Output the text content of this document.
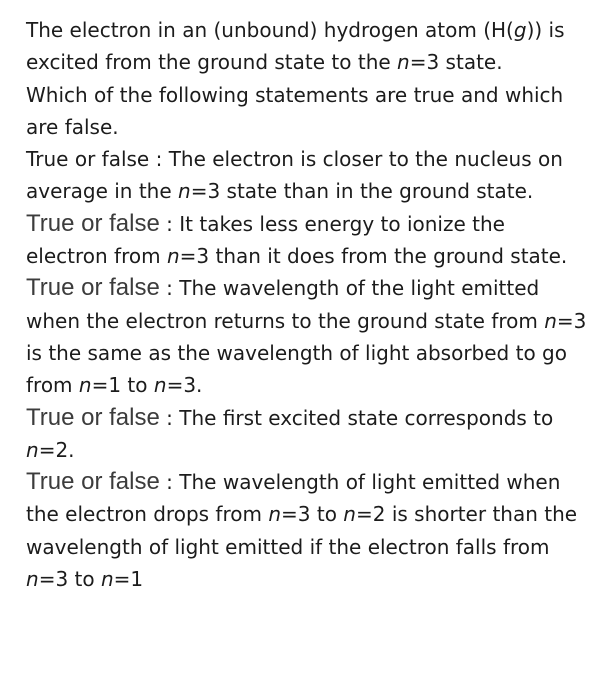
The electron in an (unbound) hydrogen atom (H(g)) is excited from the ground state to the n=3 state.

Which of the following statements are true and which are false.

True or false : The electron is closer to the nucleus on average in the n=3 state than in the ground state.

True or false : It takes less energy to ionize the electron from n=3 than it does from the ground state.

True or false : The wavelength of the light emitted when the electron returns to the ground state from n=3 is the same as the wavelength of light absorbed to go from n=1 to n=3.

True or false : The first excited state corresponds to n=2.

True or false : The wavelength of light emitted when the electron drops from n=3 to n=2 is shorter than the wavelength of light emitted if the electron falls from n=3 to n=1
